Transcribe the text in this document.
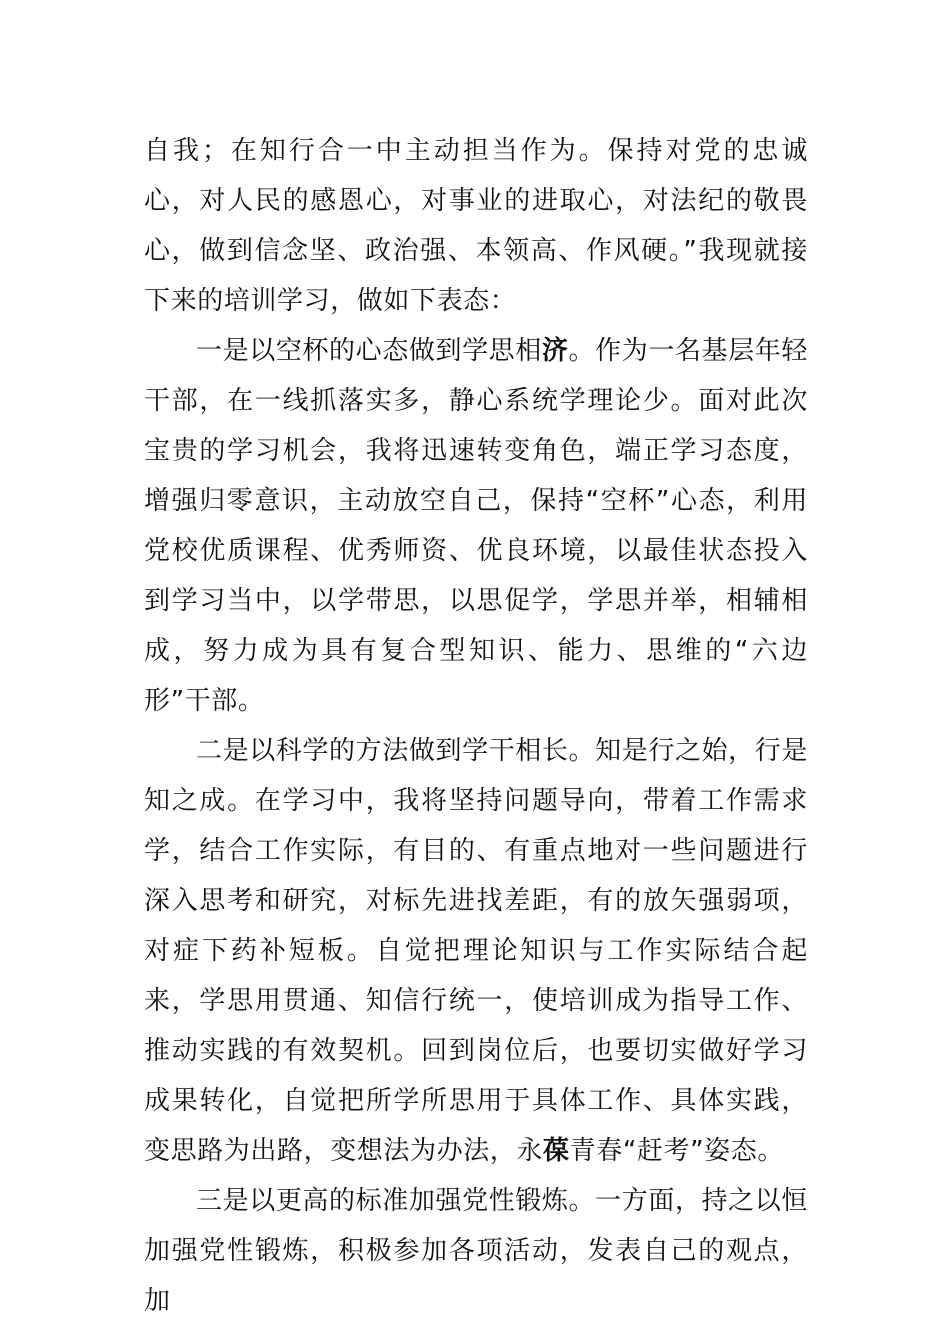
自我；在知行合一中主动担当作为。保持对党的忠诚心，对人民的感恩心，对事业的进取心，对法纪的敬畏心，做到信念坚、政治强、本领高、作风硬。”我现就接下来的培训学习，做如下表态：

一是以空杯的心态做到学思相济。作为一名基层年轻干部，在一线抓落实多，静心系统学理论少。面对此次宝贵的学习机会，我将迅速转变角色，端正学习态度，增强归零意识，主动放空自己，保持“空杯”心态，利用党校优质课程、优秀师资、优良环境，以最佳状态投入到学习当中，以学带思，以思促学，学思并举，相辅相成，努力成为具有复合型知识、能力、思维的“六边形”干部。

二是以科学的方法做到学干相长。知是行之始，行是知之成。在学习中，我将坚持问题导向，带着工作需求学，结合工作实际，有目的、有重点地对一些问题进行深入思考和研究，对标先进找差距，有的放矢强弱项，对症下药补短板。自觉把理论知识与工作实际结合起来，学思用贯通、知信行统一，使培训成为指导工作、推动实践的有效契机。回到岗位后，也要切实做好学习成果转化，自觉把所学所思用于具体工作、具体实践，变思路为出路，变想法为办法，永葆青春“赶考”姿态。

三是以更高的标准加强党性锻炼。一方面，持之以恒加强党性锻炼，积极参加各项活动，发表自己的观点，加
